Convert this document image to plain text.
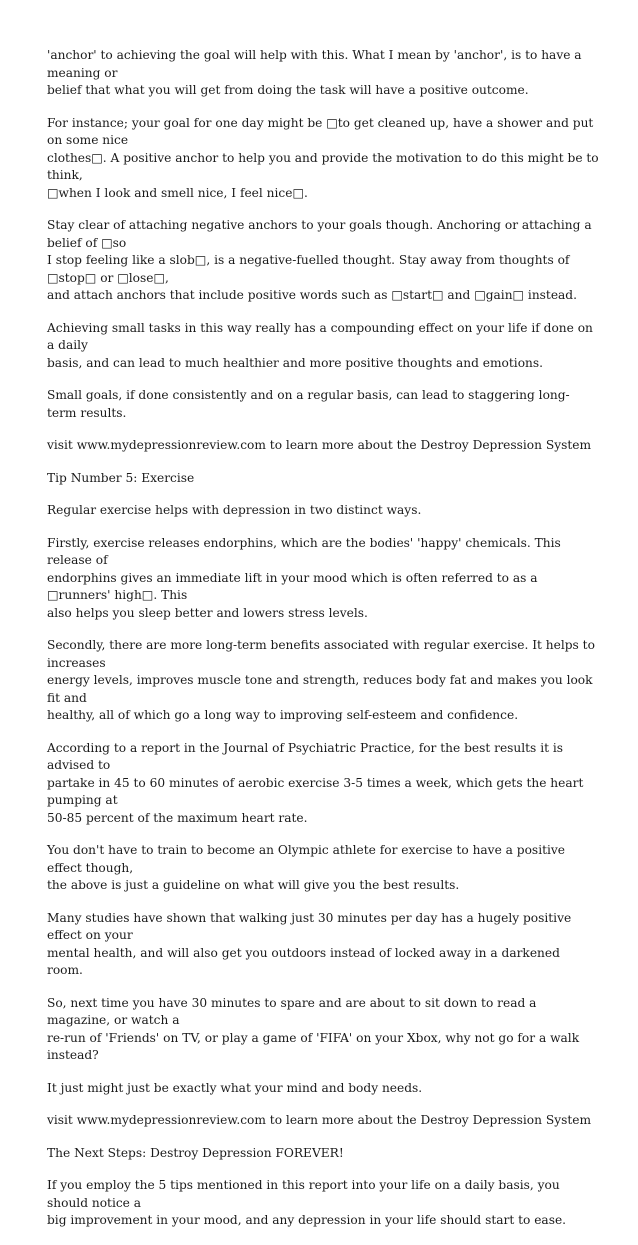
'anchor' to achieving the goal will help with this. What I mean by 'anchor', is to have a meaning or
belief that what you will get from doing the task will have a positive outcome.

For instance; your goal for one day might be □to get cleaned up, have a shower and put on some nice
clothes□. A positive anchor to help you and provide the motivation to do this might be to think,
□when I look and smell nice, I feel nice□.

Stay clear of attaching negative anchors to your goals though. Anchoring or attaching a belief of □so
I stop feeling like a slob□, is a negative-fuelled thought. Stay away from thoughts of □stop□ or □lose□,
and attach anchors that include positive words such as □start□ and □gain□ instead.

Achieving small tasks in this way really has a compounding effect on your life if done on a daily
basis, and can lead to much healthier and more positive thoughts and emotions.

Small goals, if done consistently and on a regular basis, can lead to staggering long-term results.

visit www.mydepressionreview.com to learn more about the Destroy Depression System

Tip Number 5: Exercise

Regular exercise helps with depression in two distinct ways.

Firstly, exercise releases endorphins, which are the bodies' 'happy' chemicals. This release of
endorphins gives an immediate lift in your mood which is often referred to as a □runners' high□. This
also helps you sleep better and lowers stress levels.

Secondly, there are more long-term benefits associated with regular exercise. It helps to increases
energy levels, improves muscle tone and strength, reduces body fat and makes you look fit and
healthy, all of which go a long way to improving self-esteem and confidence.

According to a report in the Journal of Psychiatric Practice, for the best results it is advised to
partake in 45 to 60 minutes of aerobic exercise 3-5 times a week, which gets the heart pumping at
50-85 percent of the maximum heart rate.

You don't have to train to become an Olympic athlete for exercise to have a positive effect though,
the above is just a guideline on what will give you the best results.

Many studies have shown that walking just 30 minutes per day has a hugely positive effect on your
mental health, and will also get you outdoors instead of locked away in a darkened room.

So, next time you have 30 minutes to spare and are about to sit down to read a magazine, or watch a
re-run of 'Friends' on TV, or play a game of 'FIFA' on your Xbox, why not go for a walk instead?

It just might just be exactly what your mind and body needs.

visit www.mydepressionreview.com to learn more about the Destroy Depression System

The Next Steps: Destroy Depression FOREVER!

If you employ the 5 tips mentioned in this report into your life on a daily basis, you should notice a
big improvement in your mood, and any depression in your life should start to ease.
